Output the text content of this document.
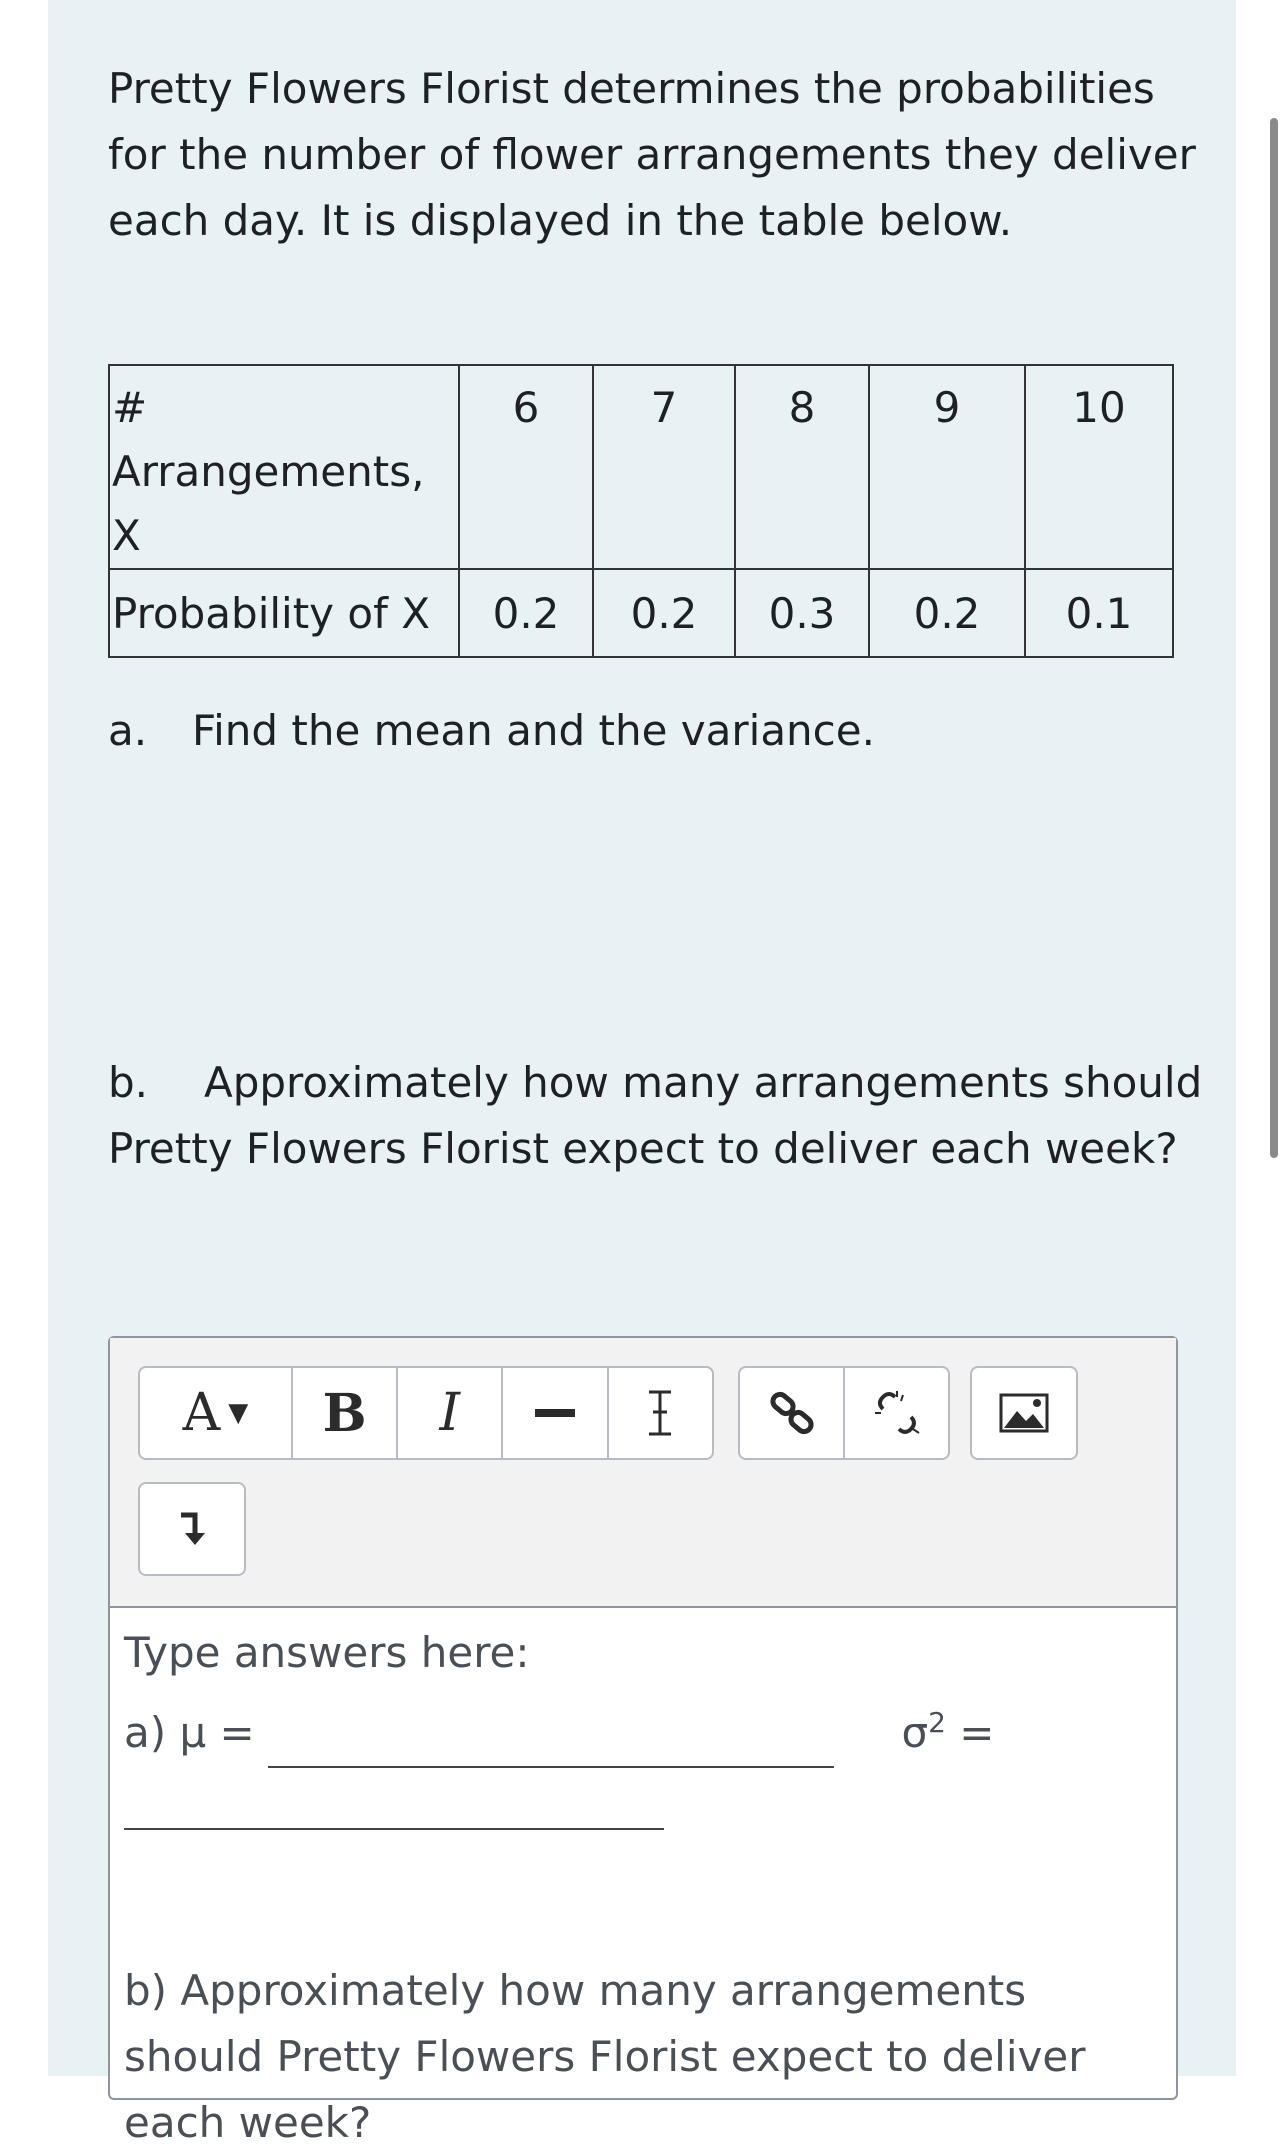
Pretty Flowers Florist determines the probabilities for the number of flower arrangements they deliver each day. It is displayed in the table below.
# Arrangements, X	6	7	8	9	10
Probability of X	0.2	0.2	0.3	0.2	0.1
a. Find the mean and the variance.
b. Approximately how many arrangements should Pretty Flowers Florist expect to deliver each week?
A ▼	B	I
Type answers here:
a) μ =	$\sigma^2$ =

b) Approximately how many arrangements should Pretty Flowers Florist expect to deliver each week?
